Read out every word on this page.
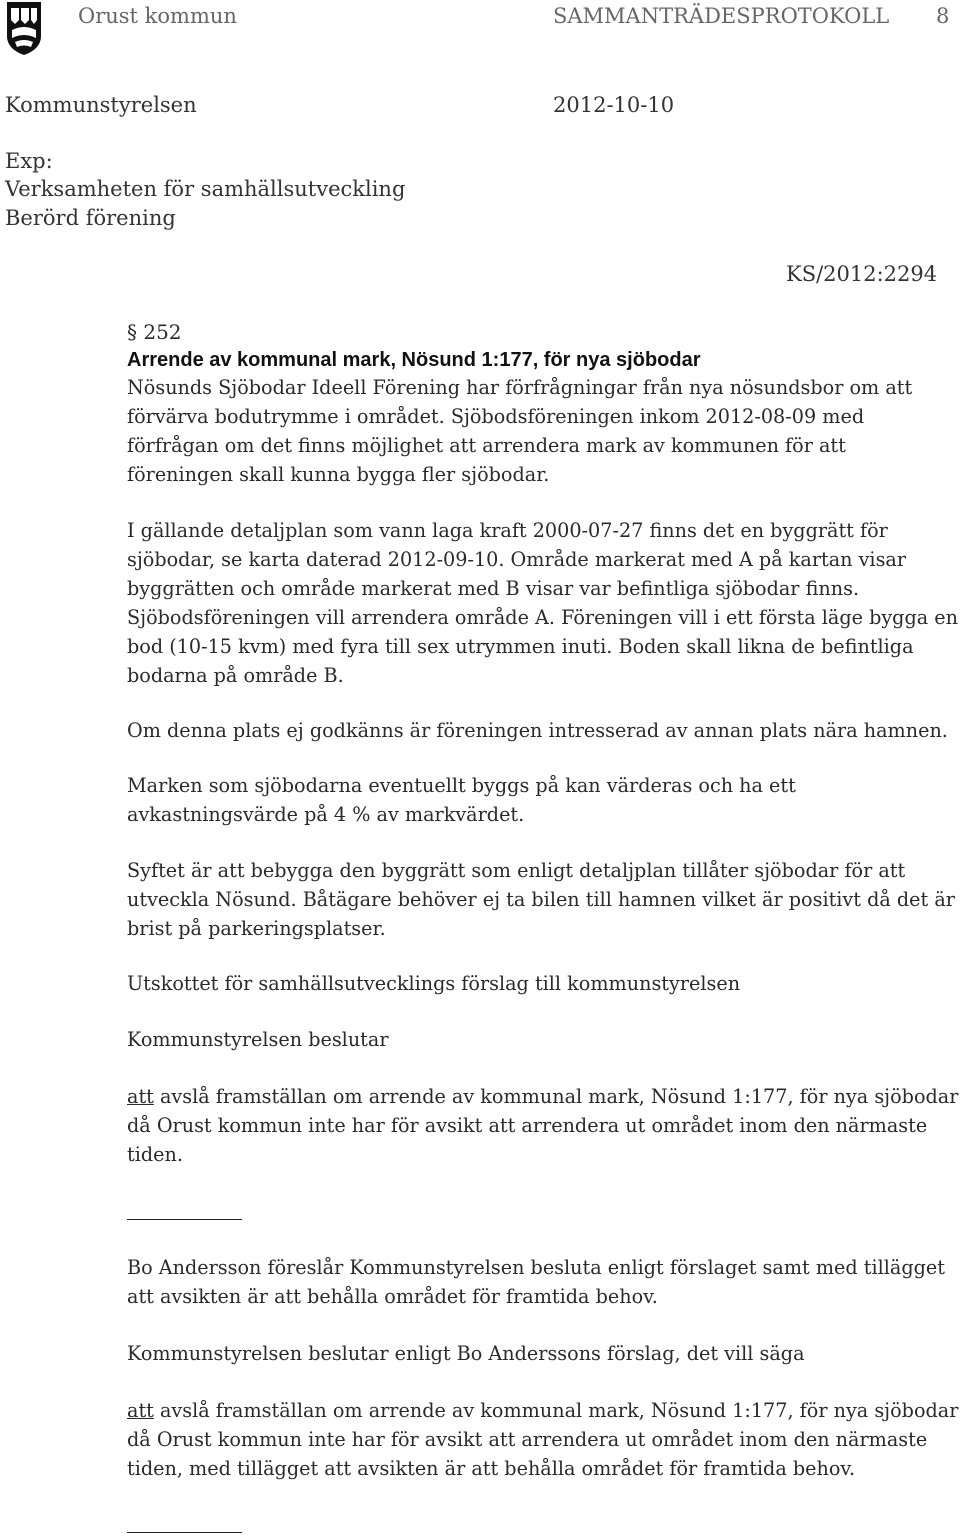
Orust kommun	SAMMANTRÄDESPROTOKOLL 8
Kommunstyrelsen	2012-10-10
Exp:
Verksamheten för samhällsutveckling
Berörd förening
KS/2012:2294
§ 252
Arrende av kommunal mark, Nösund 1:177, för nya sjöbodar
Nösunds Sjöbodar Ideell Förening har förfrågningar från nya nösundsbor om att
förvärva bodutrymme i området. Sjöbodsföreningen inkom 2012-08-09 med
förfrågan om det finns möjlighet att arrendera mark av kommunen för att
föreningen skall kunna bygga fler sjöbodar.
I gällande detaljplan som vann laga kraft 2000-07-27 finns det en byggrätt för
sjöbodar, se karta daterad 2012-09-10. Område markerat med A på kartan visar
byggrätten och område markerat med B visar var befintliga sjöbodar finns.
Sjöbodsföreningen vill arrendera område A. Föreningen vill i ett första läge bygga en
bod (10-15 kvm) med fyra till sex utrymmen inuti. Boden skall likna de befintliga
bodarna på område B.
Om denna plats ej godkänns är föreningen intresserad av annan plats nära hamnen.
Marken som sjöbodarna eventuellt byggs på kan värderas och ha ett
avkastningsvärde på 4 % av markvärdet.
Syftet är att bebygga den byggrätt som enligt detaljplan tillåter sjöbodar för att
utveckla Nösund. Båtägare behöver ej ta bilen till hamnen vilket är positivt då det är
brist på parkeringsplatser.
Utskottet för samhällsutvecklings förslag till kommunstyrelsen
Kommunstyrelsen beslutar
att avslå framställan om arrende av kommunal mark, Nösund 1:177, för nya sjöbodar
då Orust kommun inte har för avsikt att arrendera ut området inom den närmaste
tiden.
Bo Andersson föreslår Kommunstyrelsen besluta enligt förslaget samt med tillägget
att avsikten är att behålla området för framtida behov.
Kommunstyrelsen beslutar enligt Bo Anderssons förslag, det vill säga
att avslå framställan om arrende av kommunal mark, Nösund 1:177, för nya sjöbodar
då Orust kommun inte har för avsikt att arrendera ut området inom den närmaste
tiden, med tillägget att avsikten är att behålla området för framtida behov.
